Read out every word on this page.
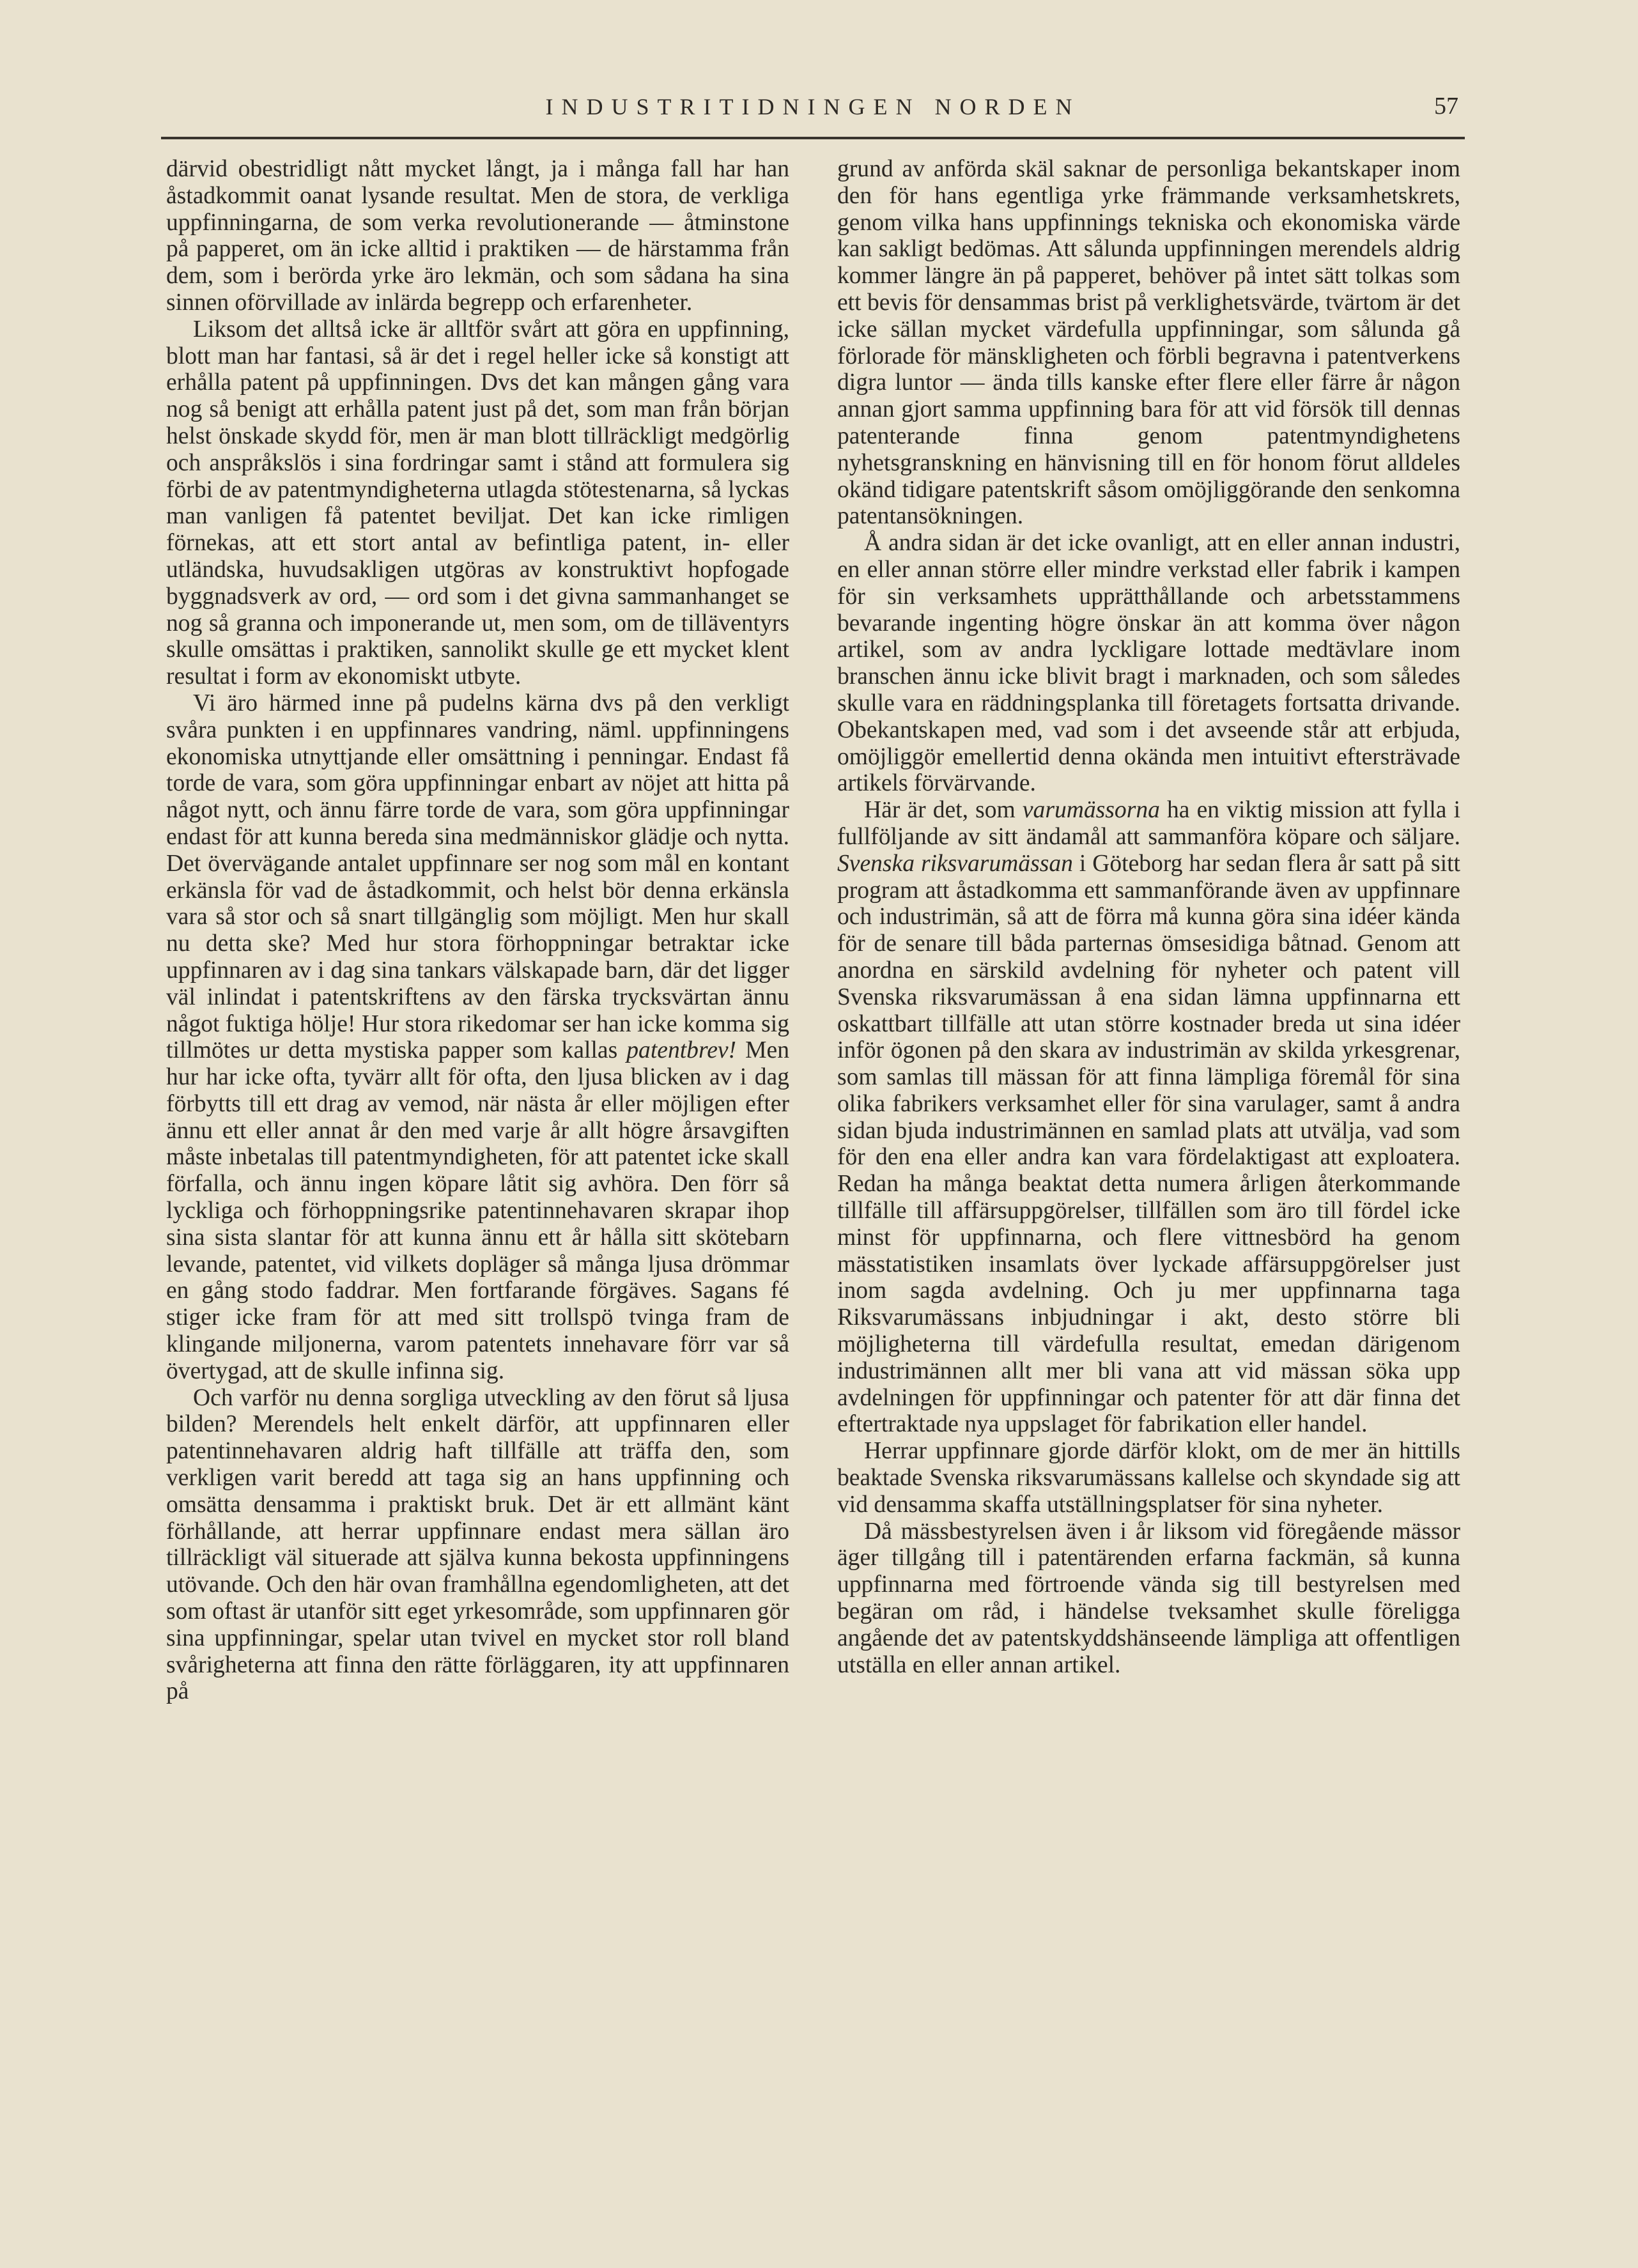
INDUSTRITIDNINGEN NORDEN	57

därvid obestridligt nått mycket långt, ja i många fall har han åstadkommit oanat lysande resultat. Men de stora, de verkliga uppfinningarna, de som verka revolutionerande — åtminstone på papperet, om än icke alltid i praktiken — de härstamma från dem, som i berörda yrke äro lekmän, och som sådana ha sina sinnen oförvillade av inlärda begrepp och erfarenheter.

Liksom det alltså icke är alltför svårt att göra en uppfinning, blott man har fantasi, så är det i regel heller icke så konstigt att erhålla patent på uppfinningen. Dvs det kan mången gång vara nog så benigt att erhålla patent just på det, som man från början helst önskade skydd för, men är man blott tillräckligt medgörlig och anspråkslös i sina fordringar samt i stånd att formulera sig förbi de av patentmyndigheterna utlagda stötestenarna, så lyckas man vanligen få patentet beviljat. Det kan icke rimligen förnekas, att ett stort antal av befintliga patent, in- eller utländska, huvudsakligen utgöras av konstruktivt hopfogade byggnadsverk av ord, — ord som i det givna sammanhanget se nog så granna och imponerande ut, men som, om de tilläventyrs skulle omsättas i praktiken, sannolikt skulle ge ett mycket klent resultat i form av ekonomiskt utbyte.

Vi äro härmed inne på pudelns kärna dvs på den verkligt svåra punkten i en uppfinnares vandring, näml. uppfinningens ekonomiska utnyttjande eller omsättning i penningar. Endast få torde de vara, som göra uppfinningar enbart av nöjet att hitta på något nytt, och ännu färre torde de vara, som göra uppfinningar endast för att kunna bereda sina medmänniskor glädje och nytta. Det övervägande antalet uppfinnare ser nog som mål en kontant erkänsla för vad de åstadkommit, och helst bör denna erkänsla vara så stor och så snart tillgänglig som möjligt. Men hur skall nu detta ske? Med hur stora förhoppningar betraktar icke uppfinnaren av i dag sina tankars välskapade barn, där det ligger väl inlindat i patentskriftens av den färska trycksvärtan ännu något fuktiga hölje! Hur stora rikedomar ser han icke komma sig tillmötes ur detta mystiska papper som kallas patentbrev! Men hur har icke ofta, tyvärr allt för ofta, den ljusa blicken av i dag förbytts till ett drag av vemod, när nästa år eller möjligen efter ännu ett eller annat år den med varje år allt högre årsavgiften måste inbetalas till patentmyndigheten, för att patentet icke skall förfalla, och ännu ingen köpare låtit sig avhöra. Den förr så lyckliga och förhoppningsrike patentinnehavaren skrapar ihop sina sista slantar för att kunna ännu ett år hålla sitt skötebarn levande, patentet, vid vilkets dopläger så många ljusa drömmar en gång stodo faddrar. Men fortfarande förgäves. Sagans fé stiger icke fram för att med sitt trollspö tvinga fram de klingande miljonerna, varom patentets innehavare förr var så övertygad, att de skulle infinna sig.

Och varför nu denna sorgliga utveckling av den förut så ljusa bilden? Merendels helt enkelt därför, att uppfinnaren eller patentinnehavaren aldrig haft tillfälle att träffa den, som verkligen varit beredd att taga sig an hans uppfinning och omsätta densamma i praktiskt bruk. Det är ett allmänt känt förhållande, att herrar uppfinnare endast mera sällan äro tillräckligt väl situerade att själva kunna bekosta uppfinningens utövande. Och den här ovan framhållna egendomligheten, att det som oftast är utanför sitt eget yrkesområde, som uppfinnaren gör sina uppfinningar, spelar utan tvivel en mycket stor roll bland svårigheterna att finna den rätte förläggaren, ity att uppfinnaren på

grund av anförda skäl saknar de personliga bekantskaper inom den för hans egentliga yrke främmande verksamhetskrets, genom vilka hans uppfinnings tekniska och ekonomiska värde kan sakligt bedömas. Att sålunda uppfinningen merendels aldrig kommer längre än på papperet, behöver på intet sätt tolkas som ett bevis för densammas brist på verklighetsvärde, tvärtom är det icke sällan mycket värdefulla uppfinningar, som sålunda gå förlorade för mänskligheten och förbli begravna i patentverkens digra luntor — ända tills kanske efter flere eller färre år någon annan gjort samma uppfinning bara för att vid försök till dennas patenterande finna genom patentmyndighetens nyhetsgranskning en hänvisning till en för honom förut alldeles okänd tidigare patentskrift såsom omöjliggörande den senkomna patentansökningen.

Å andra sidan är det icke ovanligt, att en eller annan industri, en eller annan större eller mindre verkstad eller fabrik i kampen för sin verksamhets upprätthållande och arbetsstammens bevarande ingenting högre önskar än att komma över någon artikel, som av andra lyckligare lottade medtävlare inom branschen ännu icke blivit bragt i marknaden, och som således skulle vara en räddningsplanka till företagets fortsatta drivande. Obekantskapen med, vad som i det avseende står att erbjuda, omöjliggör emellertid denna okända men intuitivt eftersträvade artikels förvärvande.

Här är det, som varumässorna ha en viktig mission att fylla i fullföljande av sitt ändamål att sammanföra köpare och säljare. Svenska riksvarumässan i Göteborg har sedan flera år satt på sitt program att åstadkomma ett sammanförande även av uppfinnare och industrimän, så att de förra må kunna göra sina idéer kända för de senare till båda parternas ömsesidiga båtnad. Genom att anordna en särskild avdelning för nyheter och patent vill Svenska riksvarumässan å ena sidan lämna uppfinnarna ett oskattbart tillfälle att utan större kostnader breda ut sina idéer inför ögonen på den skara av industrimän av skilda yrkesgrenar, som samlas till mässan för att finna lämpliga föremål för sina olika fabrikers verksamhet eller för sina varulager, samt å andra sidan bjuda industrimännen en samlad plats att utvälja, vad som för den ena eller andra kan vara fördelaktigast att exploatera. Redan ha många beaktat detta numera årligen återkommande tillfälle till affärsuppgörelser, tillfällen som äro till fördel icke minst för uppfinnarna, och flere vittnesbörd ha genom mässtatistiken insamlats över lyckade affärsuppgörelser just inom sagda avdelning. Och ju mer uppfinnarna taga Riksvarumässans inbjudningar i akt, desto större bli möjligheterna till värdefulla resultat, emedan därigenom industrimännen allt mer bli vana att vid mässan söka upp avdelningen för uppfinningar och patenter för att där finna det eftertraktade nya uppslaget för fabrikation eller handel.

Herrar uppfinnare gjorde därför klokt, om de mer än hittills beaktade Svenska riksvarumässans kallelse och skyndade sig att vid densamma skaffa utställningsplatser för sina nyheter.

Då mässbestyrelsen även i år liksom vid föregående mässor äger tillgång till i patentärenden erfarna fackmän, så kunna uppfinnarna med förtroende vända sig till bestyrelsen med begäran om råd, i händelse tveksamhet skulle föreligga angående det av patentskyddshänseende lämpliga att offentligen utställa en eller annan artikel.
